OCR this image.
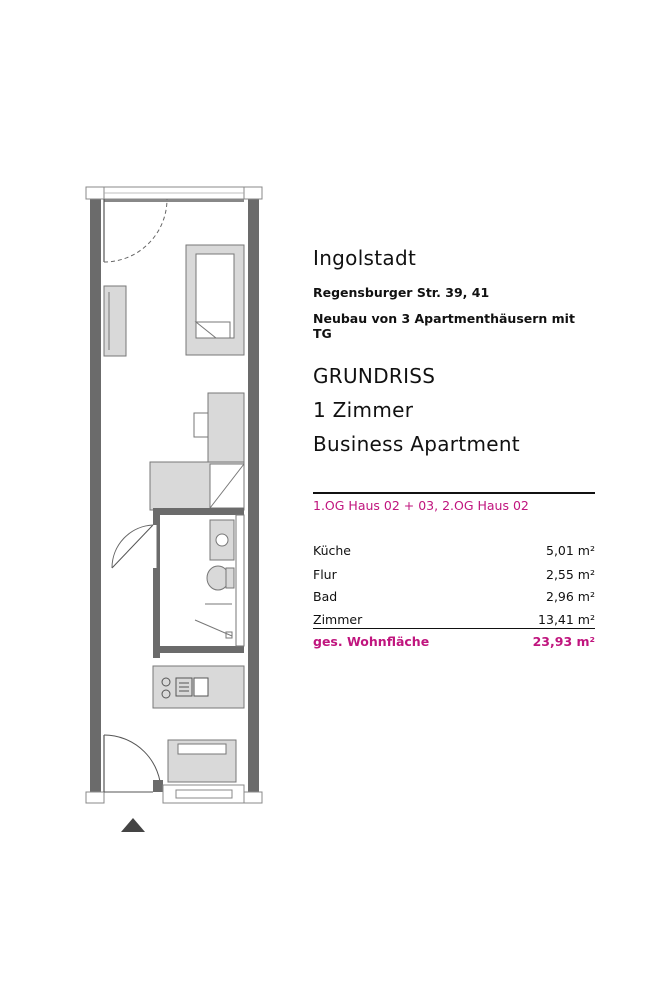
Ingolstadt
Regensburger Str. 39, 41
Neubau von 3 Apartmenthäusern mit TG
GRUNDRISS
1 Zimmer
Business Apartment
1.OG Haus 02 + 03, 2.OG Haus 02
Küche	5,01 m²
Flur	2,55 m²
Bad	2,96 m²
Zimmer	13,41 m²
ges. Wohnfläche	23,93 m²
